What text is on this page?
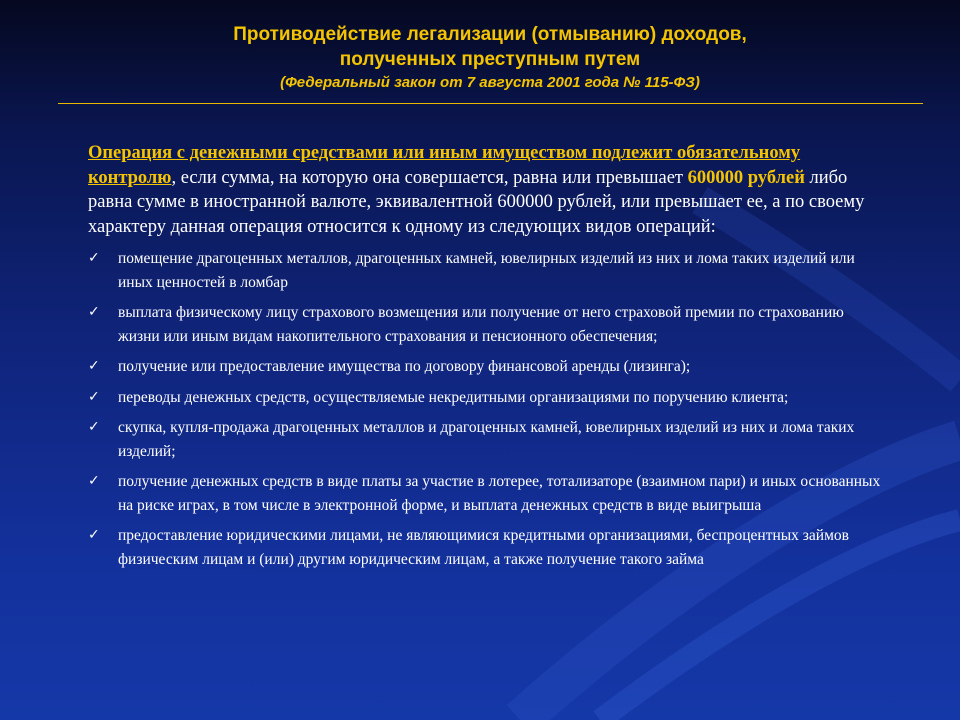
Противодействие легализации (отмыванию) доходов,
полученных преступным путем
(Федеральный закон от 7 августа 2001 года № 115-ФЗ)

Операция с денежными средствами или иным имуществом подлежит обязательному контролю, если сумма, на которую она совершается, равна или превышает 600000 рублей либо равна сумме в иностранной валюте, эквивалентной 600000 рублей, или превышает ее, а по своему характеру данная операция относится к одному из следующих видов операций:

✓ помещение драгоценных металлов, драгоценных камней, ювелирных изделий из них и лома таких изделий или иных ценностей в ломбар
✓ выплата физическому лицу страхового возмещения или получение от него страховой премии по страхованию жизни или иным видам накопительного страхования и пенсионного обеспечения;
✓ получение или предоставление имущества по договору финансовой аренды (лизинга);
✓ переводы денежных средств, осуществляемые некредитными организациями по поручению клиента;
✓ скупка, купля-продажа драгоценных металлов и драгоценных камней, ювелирных изделий из них и лома таких изделий;
✓ получение денежных средств в виде платы за участие в лотерее, тотализаторе (взаимном пари) и иных основанных на риске играх, в том числе в электронной форме, и выплата денежных средств в виде выигрыша
✓ предоставление юридическими лицами, не являющимися кредитными организациями, беспроцентных займов физическим лицам и (или) другим юридическим лицам, а также получение такого займа
